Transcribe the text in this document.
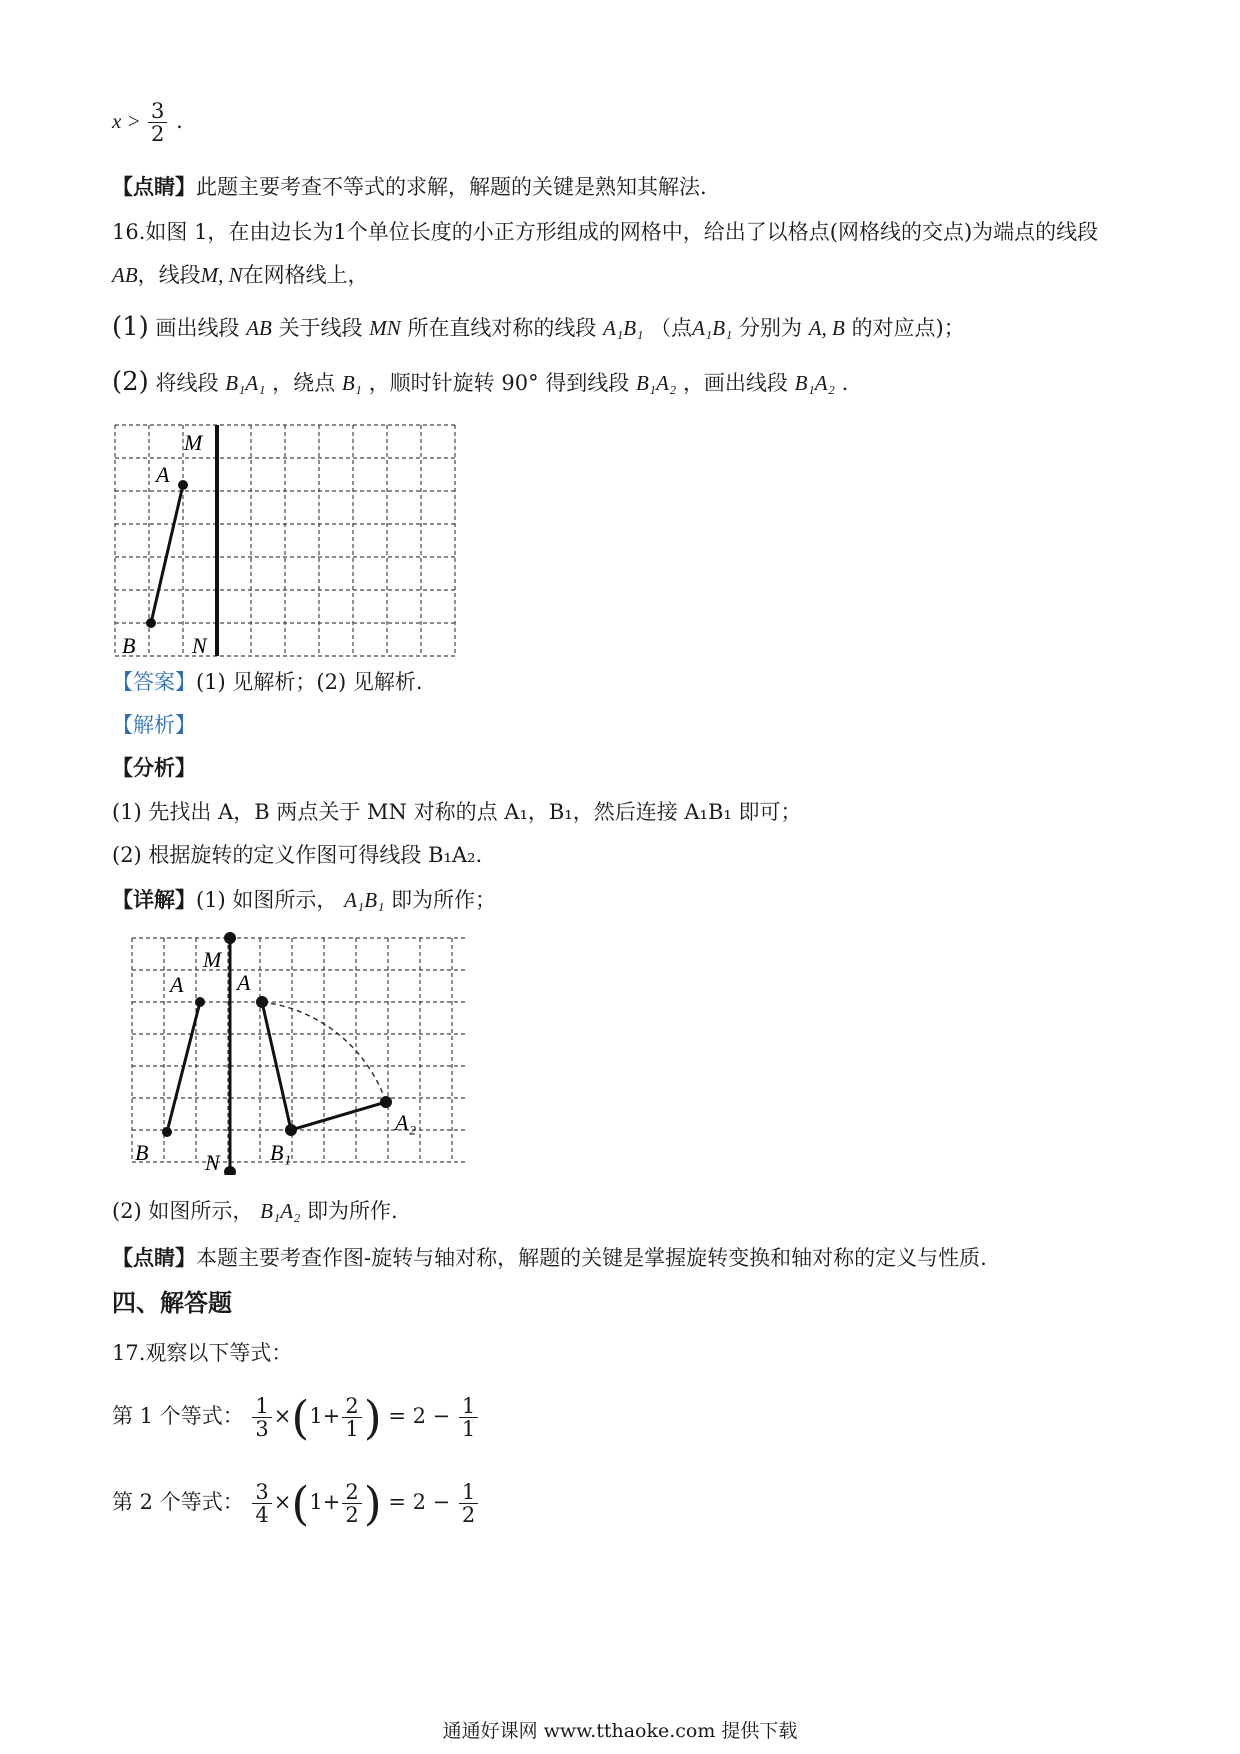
$x > \frac{3}{2}$ .
【点睛】此题主要考查不等式的求解，解题的关键是熟知其解法.
16.如图 1，在由边长为1个单位长度的小正方形组成的网格中，给出了以格点(网格线的交点)为端点的线段
AB，线段M, N在网格线上，
(1) 画出线段 AB 关于线段 MN 所在直线对称的线段 A₁B₁ （点A₁B₁ 分别为 A, B 的对应点)；
(2) 将线段 B₁A₁ ，绕点 B₁ ，顺时针旋转 90° 得到线段 B₁A₂ ，画出线段 B₁A₂ .
M
A
B	N
【答案】(1) 见解析；(2) 见解析.
【解析】
【分析】
(1) 先找出 A，B 两点关于 MN 对称的点 A₁，B₁，然后连接 A₁B₁ 即可；
(2) 根据旋转的定义作图可得线段 B₁A₂.
【详解】(1) 如图所示， A₁B₁ 即为所作；
M
A A
B	N B₁
A₂
(2) 如图所示， B₁A₂ 即为所作.
【点睛】本题主要考查作图-旋转与轴对称，解题的关键是掌握旋转变换和轴对称的定义与性质.
四、解答题
17.观察以下等式：
第 1 个等式： $\frac{1}{3} \times(1+ \frac{2}{1}$ ) = $2 - \frac{1}{1}$
第 2 个等式： $\frac{3}{4} \times(1+ \frac{2}{2}$ ) = $2 - \frac{1}{2}$
通通好课网 www.tthaoke.com 提供下载
